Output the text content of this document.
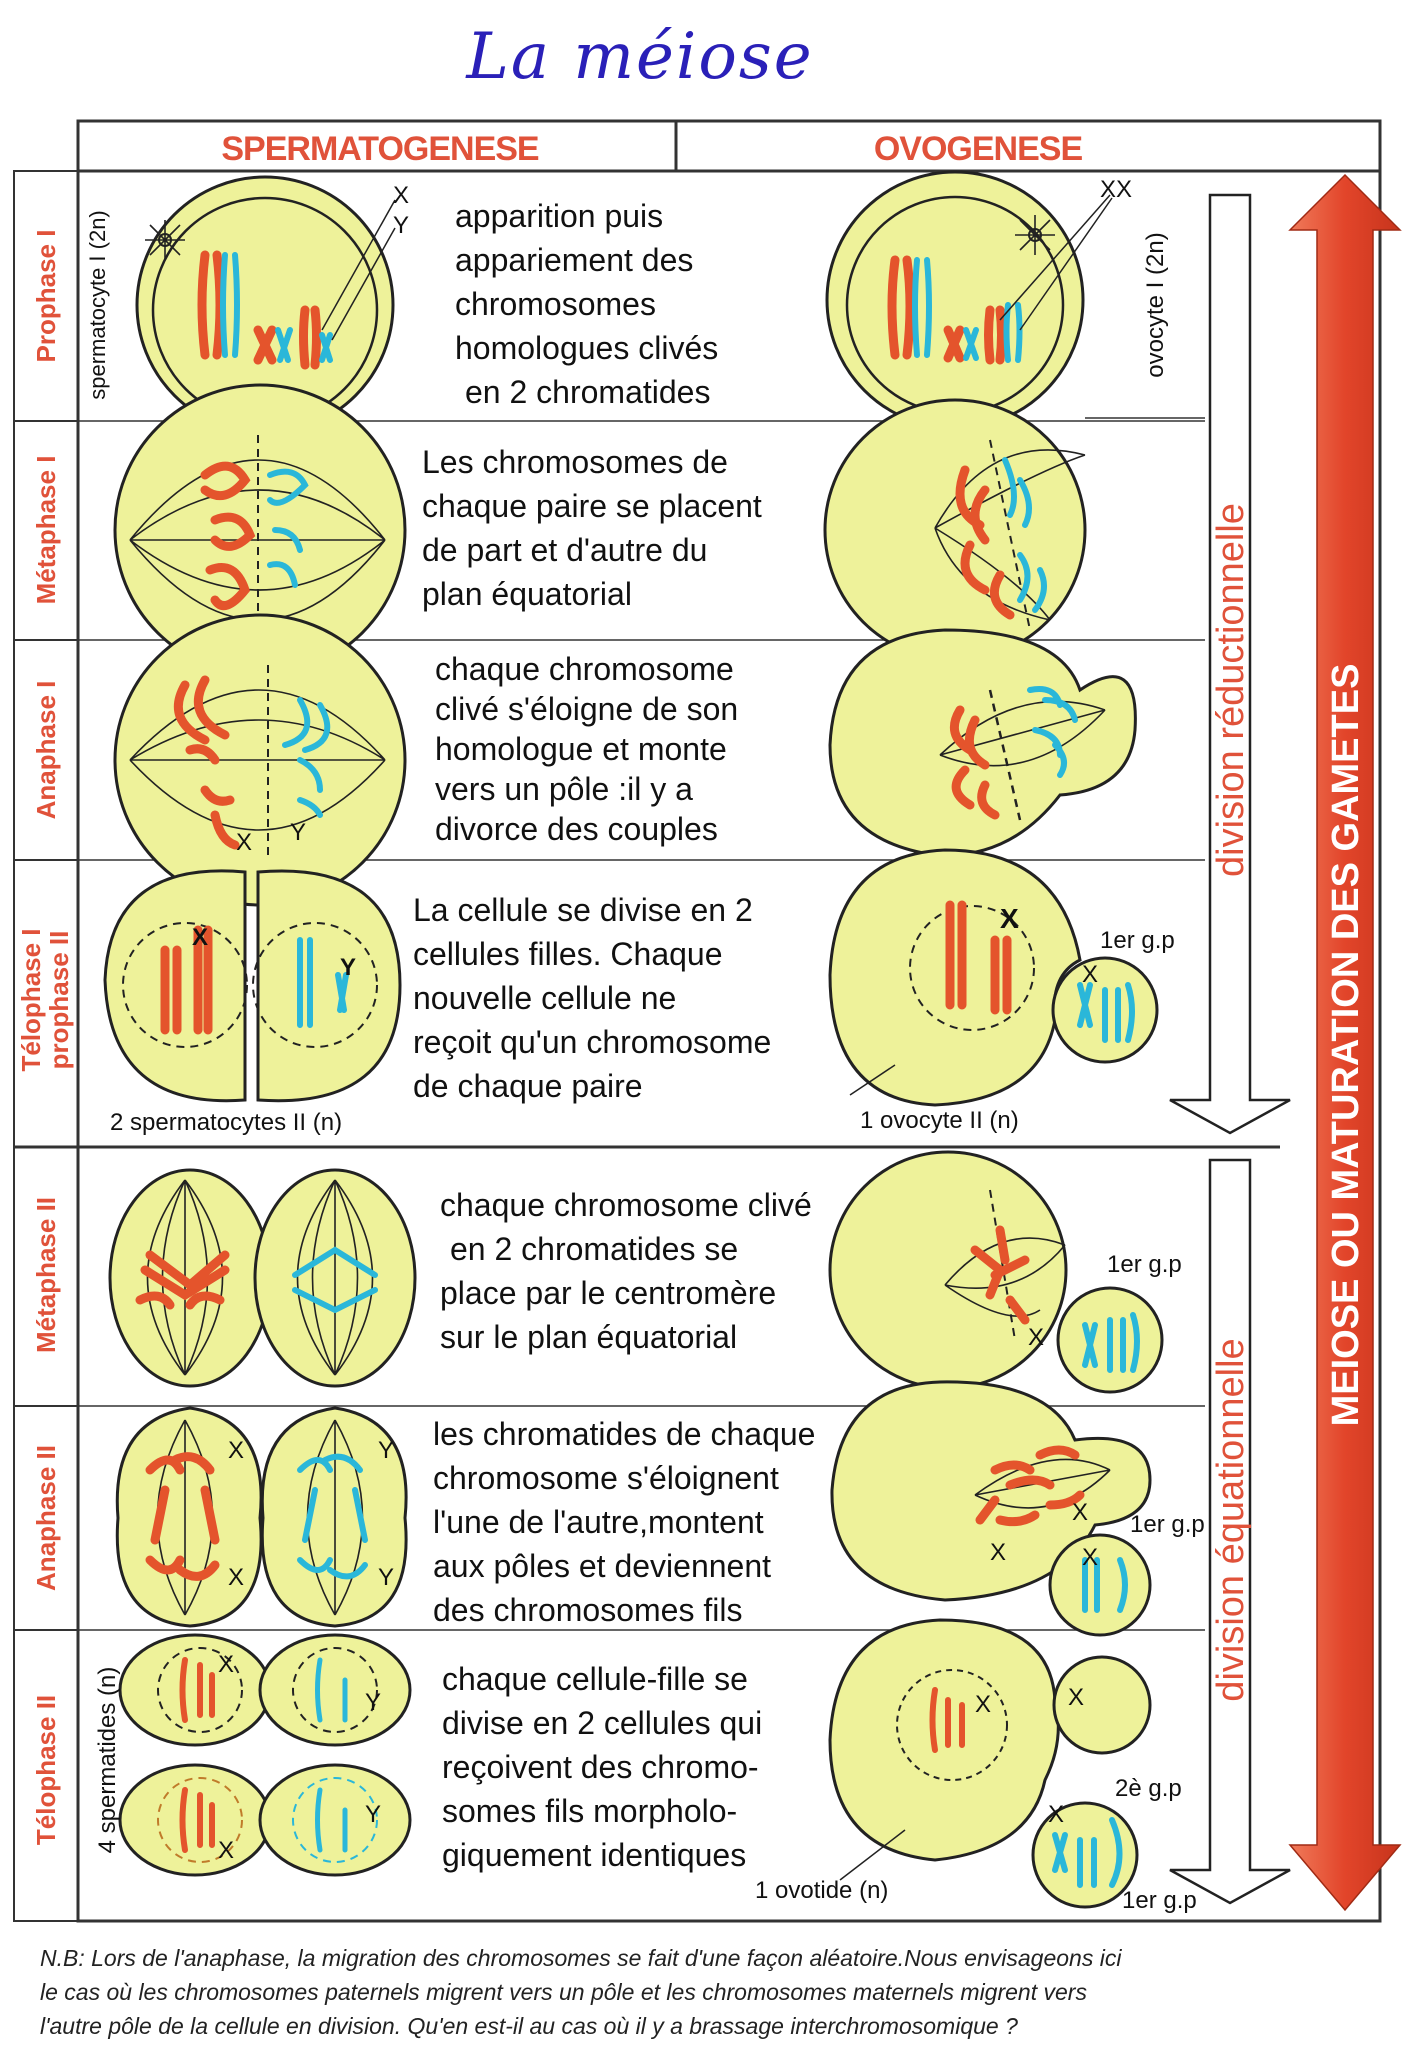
La méiose
SPERMATOGENESE	OVOGENESE
Prophase I
Métaphase I
Anaphase I
Télophase I
prophase II
Métaphase II
Anaphase II
Télophase II
X
Y
spermatocyte I (2n)
X Y
X
Y
2 spermatocytes II (n)
X
X
Y
Y
X
Y
X
Y
4 spermatides (n)
apparition puis
appariement des
chromosomes
homologues clivés
en 2 chromatides
Les chromosomes de
chaque paire se placent
de part et d'autre du
plan équatorial
chaque chromosome
clivé s'éloigne de son
homologue et monte
vers un pôle :il y a
divorce des couples
La cellule se divise en 2
cellules filles. Chaque
nouvelle cellule ne
reçoit qu'un chromosome
de chaque paire
chaque chromosome clivé
en 2 chromatides se
place par le centromère
sur le plan équatorial
les chromatides de chaque
chromosome s'éloignent
l'une de l'autre,montent
aux pôles et deviennent
des chromosomes fils
chaque cellule-fille se
divise en 2 cellules qui
reçoivent des chromo-
somes fils morpholo-
giquement identiques
XX
ovocyte I (2n)
X
X
1er g.p
1 ovocyte II (n)
X
1er g.p
X
X	X
1er g.p
X	X
X
2è g.p
1er g.p
1 ovotide (n)
division réductionnelle
division équationnelle
MEIOSE OU MATURATION DES GAMETES
N.B: Lors de l'anaphase, la migration des chromosomes se fait d'une façon aléatoire.Nous envisageons ici
le cas où les chromosomes paternels migrent vers un pôle et les chromosomes maternels migrent vers
l'autre pôle de la cellule en division. Qu'en est-il au cas où il y a brassage interchromosomique ?
